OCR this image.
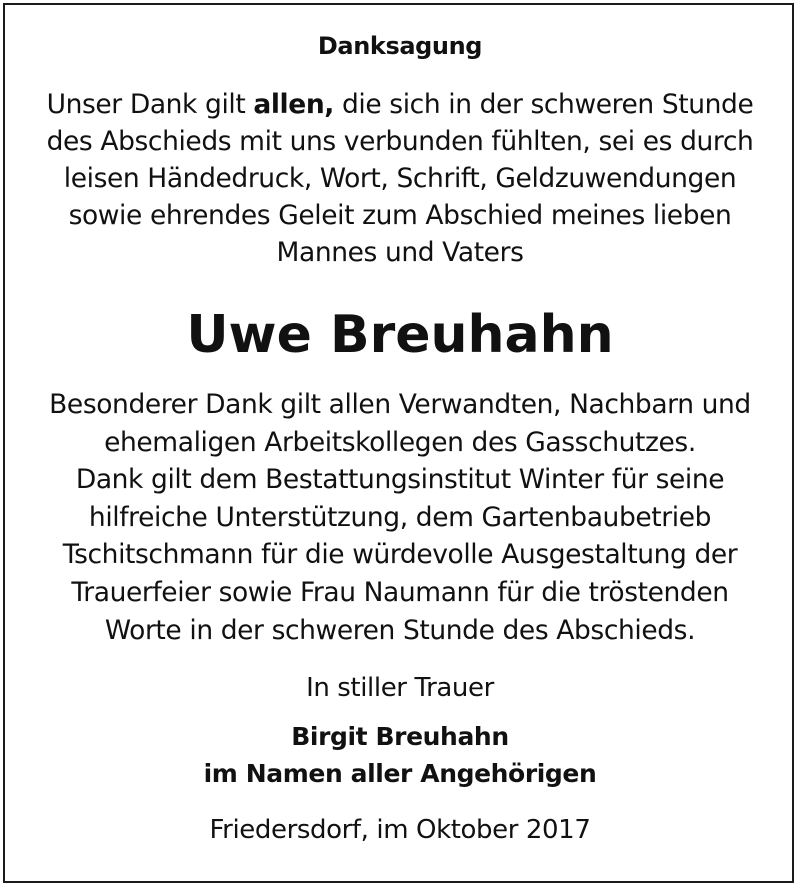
Danksagung
Unser Dank gilt allen, die sich in der schweren Stunde
des Abschieds mit uns verbunden fühlten, sei es durch
leisen Händedruck, Wort, Schrift, Geldzuwendungen
sowie ehrendes Geleit zum Abschied meines lieben
Mannes und Vaters
Uwe Breuhahn
Besonderer Dank gilt allen Verwandten, Nachbarn und
ehemaligen Arbeitskollegen des Gasschutzes.
Dank gilt dem Bestattungsinstitut Winter für seine
hilfreiche Unterstützung, dem Gartenbaubetrieb
Tschitschmann für die würdevolle Ausgestaltung der
Trauerfeier sowie Frau Naumann für die tröstenden
Worte in der schweren Stunde des Abschieds.
In stiller Trauer
Birgit Breuhahn
im Namen aller Angehörigen
Friedersdorf, im Oktober 2017
